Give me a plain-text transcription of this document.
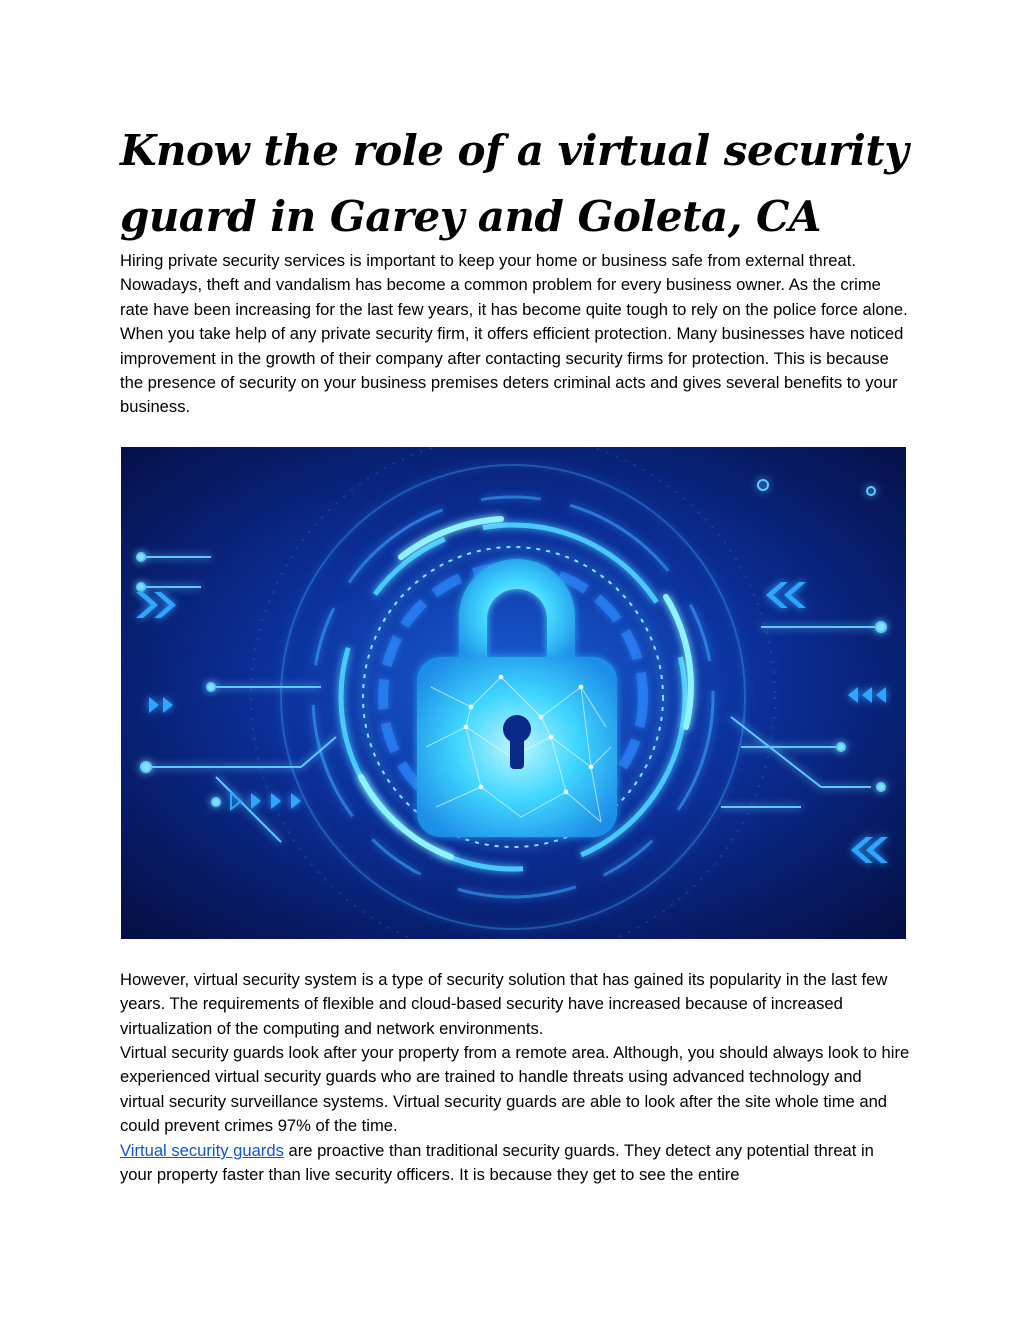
Know the role of a virtual security guard in Garey and Goleta, CA

Hiring private security services is important to keep your home or business safe from external threat. Nowadays, theft and vandalism has become a common problem for every business owner. As the crime rate have been increasing for the last few years, it has become quite tough to rely on the police force alone. When you take help of any private security firm, it offers efficient protection. Many businesses have noticed improvement in the growth of their company after contacting security firms for protection. This is because the presence of security on your business premises deters criminal acts and gives several benefits to your business.

However, virtual security system is a type of security solution that has gained its popularity in the last few years. The requirements of flexible and cloud-based security have increased because of increased virtualization of the computing and network environments.

Virtual security guards look after your property from a remote area. Although, you should always look to hire experienced virtual security guards who are trained to handle threats using advanced technology and virtual security surveillance systems. Virtual security guards are able to look after the site whole time and could prevent crimes 97% of the time.

Virtual security guards are proactive than traditional security guards. They detect any potential threat in your property faster than live security officers. It is because they get to see the entire
